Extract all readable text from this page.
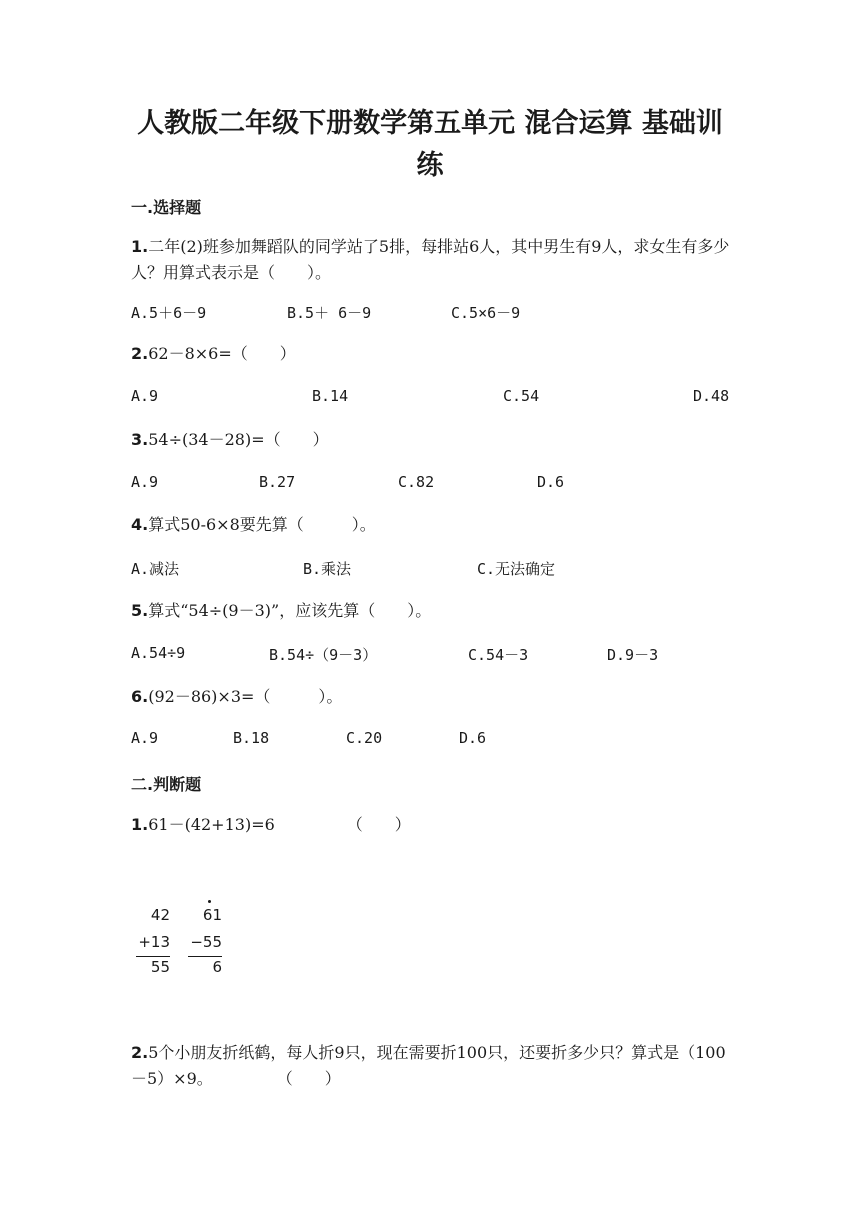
人教版二年级下册数学第五单元 混合运算 基础训练
一.选择题
1.二年(2)班参加舞蹈队的同学站了5排，每排站6人，其中男生有9人，求女生有多少人？用算式表示是（　　）。
A.5＋6－9	B.5＋ 6－9	C.5×6－9
2.62－8×6=（　　）
A.9	B.14	C.54	D.48
3.54÷(34－28)=（　　）
A.9	B.27	C.82	D.6
4.算式50-6×8要先算（　　　）。
A.减法	B.乘法	C.无法确定
5.算式“54÷(9－3)”，应该先算（　　）。
A.54÷9	B.54÷（9－3）	C.54－3	D.9－3
6.(92－86)×3=（　　　）。
A.9	B.18	C.20	D.6
二.判断题
1.61－(42+13)=6　　　　　（　　）
42
+13
55
61
−55
6
2.5个小朋友折纸鹤，每人折9只，现在需要折100只，还要折多少只？算式是（100－5）×9。　　　　　（　　）
